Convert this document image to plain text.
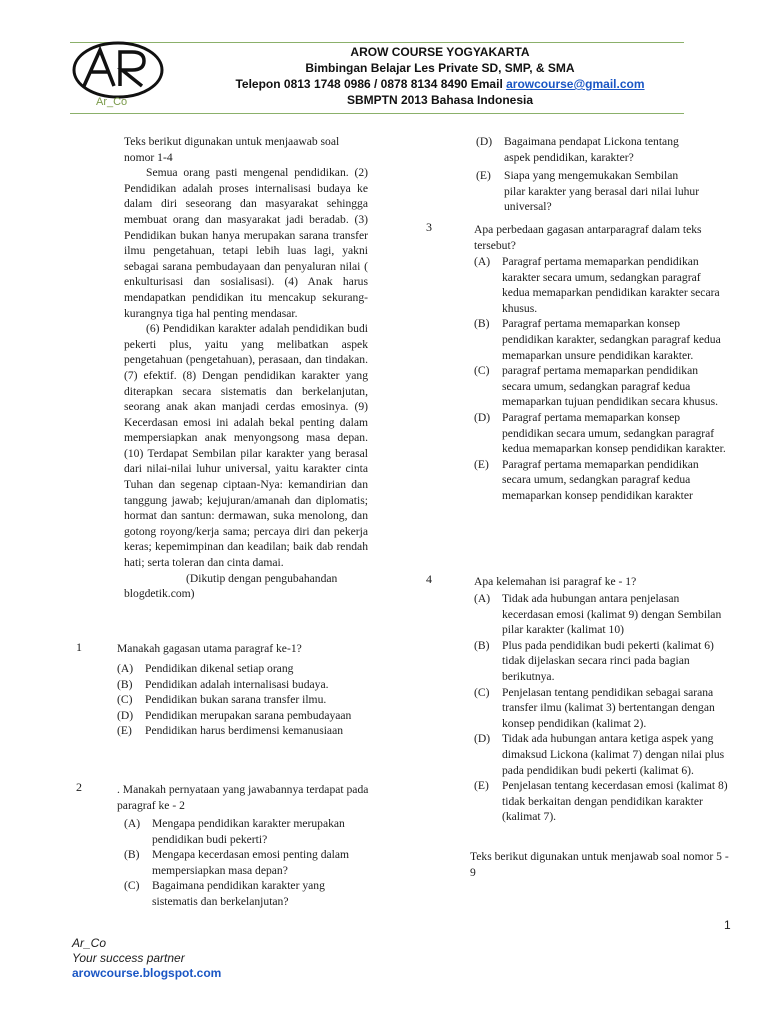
Ar_Co
AROW COURSE YOGYAKARTA
Bimbingan Belajar Les Private SD, SMP, & SMA
Telepon 0813 1748 0986 / 0878 8134 8490 Email arowcourse@gmail.com
SBMPTN 2013 Bahasa Indonesia

Teks berikut digunakan untuk menjaawab soal nomor 1-4

Semua orang pasti mengenal pendidikan. (2) Pendidikan adalah proses internalisasi budaya ke dalam diri seseorang dan masyarakat sehingga membuat orang dan masyarakat jadi beradab. (3) Pendidikan bukan hanya merupakan sarana transfer ilmu pengetahuan, tetapi lebih luas lagi, yakni sebagai sarana pembudayaan dan penyaluran nilai ( enkulturisasi dan sosialisasi). (4) Anak harus mendapatkan pendidikan itu mencakup sekurang-kurangnya tiga hal penting mendasar.

(6) Pendidikan karakter adalah pendidikan budi pekerti plus, yaitu yang melibatkan aspek pengetahuan (pengetahuan), perasaan, dan tindakan. (7) efektif. (8) Dengan pendidikan karakter yang diterapkan secara sistematis dan berkelanjutan, seorang anak akan manjadi cerdas emosinya. (9) Kecerdasan emosi ini adalah bekal penting dalam mempersiapkan anak menyongsong masa depan. (10) Terdapat Sembilan pilar karakter yang berasal dari nilai-nilai luhur universal, yaitu karakter cinta Tuhan dan segenap ciptaan-Nya: kemandirian dan tanggung jawab; kejujuran/amanah dan diplomatis; hormat dan santun: dermawan, suka menolong, dan gotong royong/kerja sama; percaya diri dan pekerja keras; kepemimpinan dan keadilan; baik dab rendah hati; serta toleran dan cinta damai.

(Dikutip dengan pengubahandan blogdetik.com)

1	Manakah gagasan utama paragraf ke-1?
(A)	Pendidikan dikenal setiap orang
(B)	Pendidikan adalah internalisasi budaya.
(C)	Pendidikan bukan sarana transfer ilmu.
(D)	Pendidikan merupakan sarana pembudayaan
(E)	Pendidikan harus berdimensi kemanusiaan
2	. Manakah pernyataan yang jawabannya terdapat pada paragraf ke - 2
(A)	Mengapa pendidikan karakter merupakan pendidikan budi pekerti?
(B)	Mengapa kecerdasan emosi penting dalam mempersiapkan masa depan?
(C)	Bagaimana pendidikan karakter yang sistematis dan berkelanjutan?
(D)	Bagaimana pendapat Lickona tentang aspek pendidikan, karakter?
(E)	Siapa yang mengemukakan Sembilan pilar karakter yang berasal dari nilai luhur universal?
3	Apa perbedaan gagasan antarparagraf dalam teks tersebut?
(A)	Paragraf pertama memaparkan pendidikan karakter secara umum, sedangkan paragraf kedua memaparkan pendidikan karakter secara khusus.
(B)	Paragraf pertama memaparkan konsep pendidikan karakter, sedangkan paragraf kedua memaparkan unsure pendidikan karakter.
(C)	paragraf pertama memaparkan pendidikan secara umum, sedangkan paragraf kedua memaparkan tujuan pendidikan secara khusus.
(D)	Paragraf pertama memaparkan konsep pendidikan secara umum, sedangkan paragraf kedua memaparkan konsep pendidikan karakter.
(E)	Paragraf pertama memaparkan pendidikan secara umum, sedangkan paragraf kedua memaparkan konsep pendidikan karakter
4	Apa kelemahan isi paragraf ke - 1?
(A)	Tidak ada hubungan antara penjelasan kecerdasan emosi (kalimat 9) dengan Sembilan pilar karakter (kalimat 10)
(B)	Plus pada pendidikan budi pekerti (kalimat 6) tidak dijelaskan secara rinci pada bagian berikutnya.
(C)	Penjelasan tentang pendidikan sebagai sarana transfer ilmu (kalimat 3) bertentangan dengan konsep pendidikan (kalimat 2).
(D)	Tidak ada hubungan antara ketiga aspek yang dimaksud Lickona (kalimat 7) dengan nilai plus pada pendidikan budi pekerti (kalimat 6).
(E)	Penjelasan tentang kecerdasan emosi (kalimat 8) tidak berkaitan dengan pendidikan karakter (kalimat 7).
Teks berikut digunakan untuk menjawab soal nomor 5 - 9
1
Ar_Co
Your success partner
arowcourse.blogspot.com
